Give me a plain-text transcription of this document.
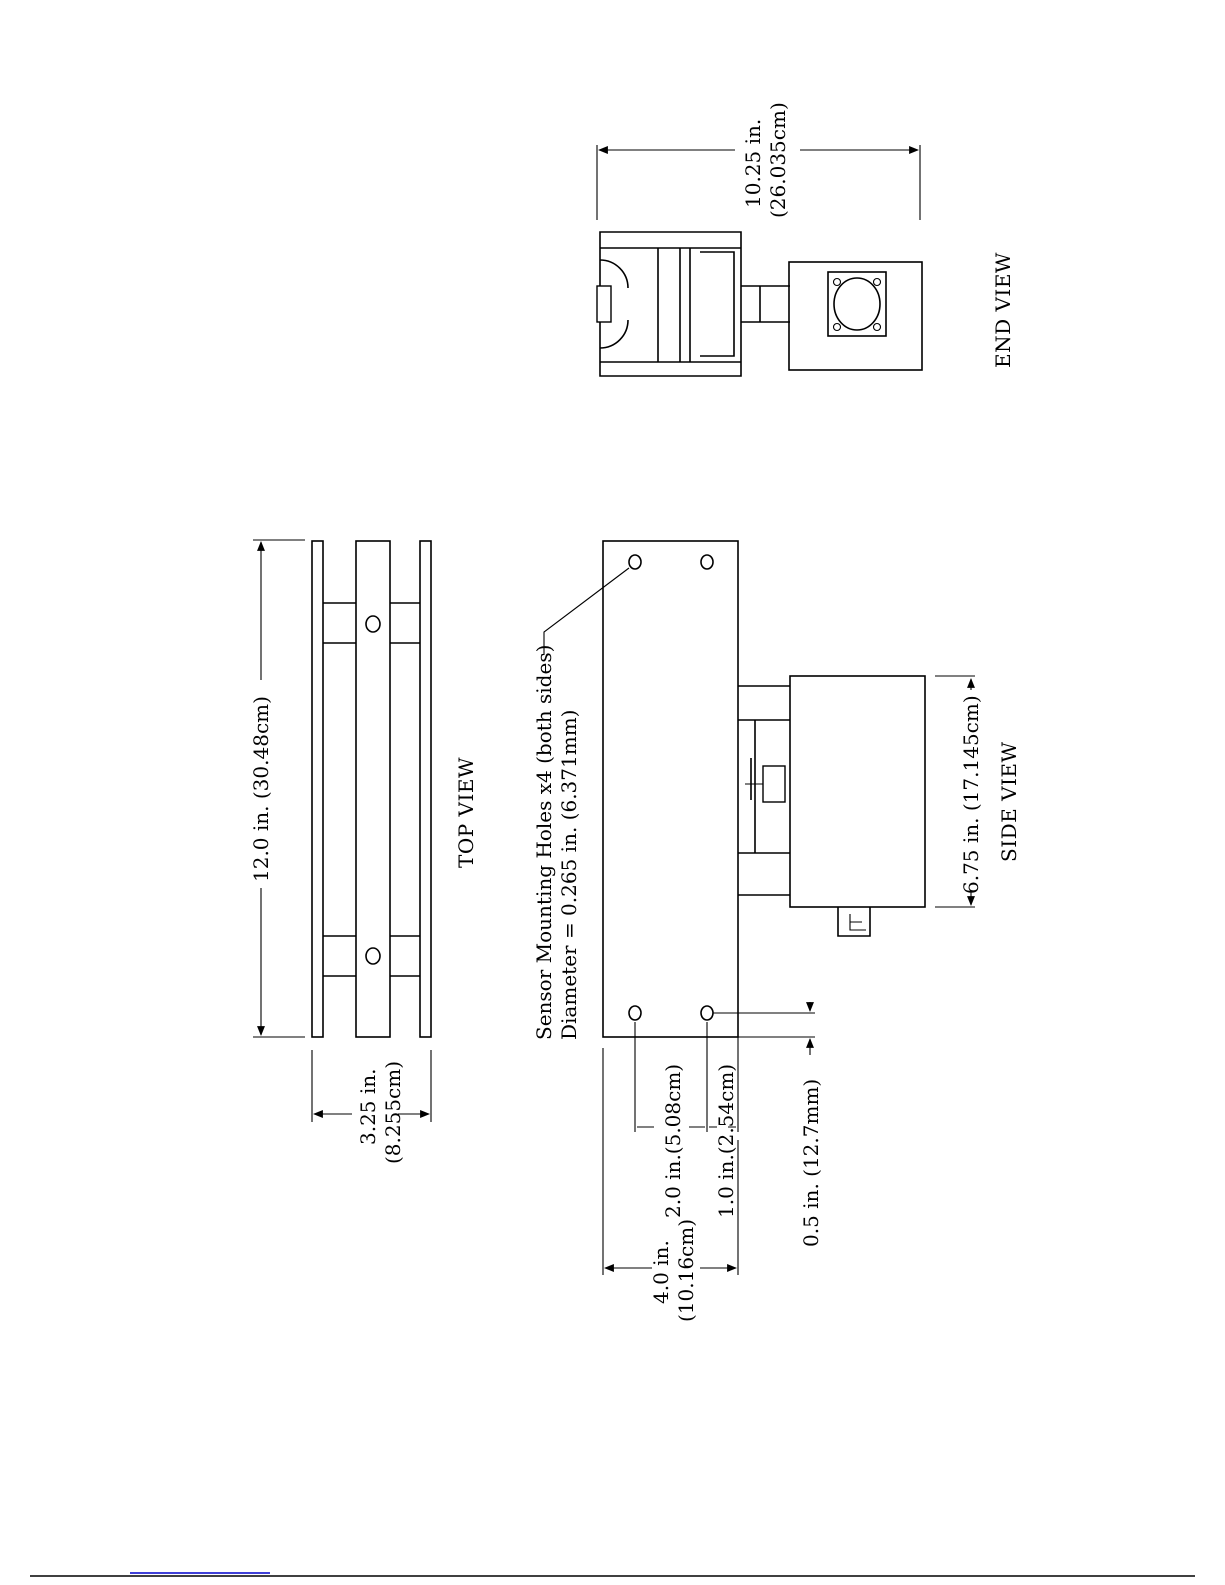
10.25 in. (26.035cm)
END VIEW
12.0 in. (30.48cm)
3.25 in. (8.255cm)
TOP VIEW	Sensor Mounting Holes x4 (both sides) Diameter = 0.265 in. (6.371mm)	6.75 in. (17.145cm) SIDE VIEW
0.5 in. (12.7mm)
2.0 in.(5.08cm) 1.0 in.(2.54cm)
4.0 in. (10.16cm)
